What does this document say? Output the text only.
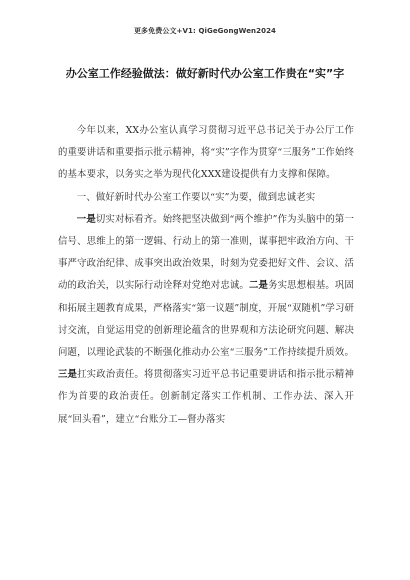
更多免费公文+V1: QiGeGongWen2024
办公室工作经验做法：做好新时代办公室工作贵在“实”字

今年以来，XX办公室认真学习贯彻习近平总书记关于办公厅工作的重要讲话和重要指示批示精神，将“实”字作为贯穿“三服务”工作始终的基本要求，以务实之举为现代化XXX建设提供有力支撑和保障。

一、做好新时代办公室工作要以“实”为要，做到忠诚老实

一是切实对标看齐。始终把坚决做到“两个维护”作为头脑中的第一信号、思维上的第一逻辑、行动上的第一准则，谋事把牢政治方向、干事严守政治纪律、成事突出政治效果，时刻为党委把好文件、会议、活动的政治关，以实际行动诠释对党绝对忠诚。二是务实思想根基。巩固和拓展主题教育成果，严格落实“第一议题”制度，开展“双随机”学习研讨交流，自觉运用党的创新理论蕴含的世界观和方法论研究问题、解决问题，以理论武装的不断强化推动办公室“三服务”工作持续提升质效。三是扛实政治责任。将贯彻落实习近平总书记重要讲话和指示批示精神作为首要的政治责任。创新制定落实工作机制、工作办法、深入开展“回头看”，建立“台账分工—督办落实
